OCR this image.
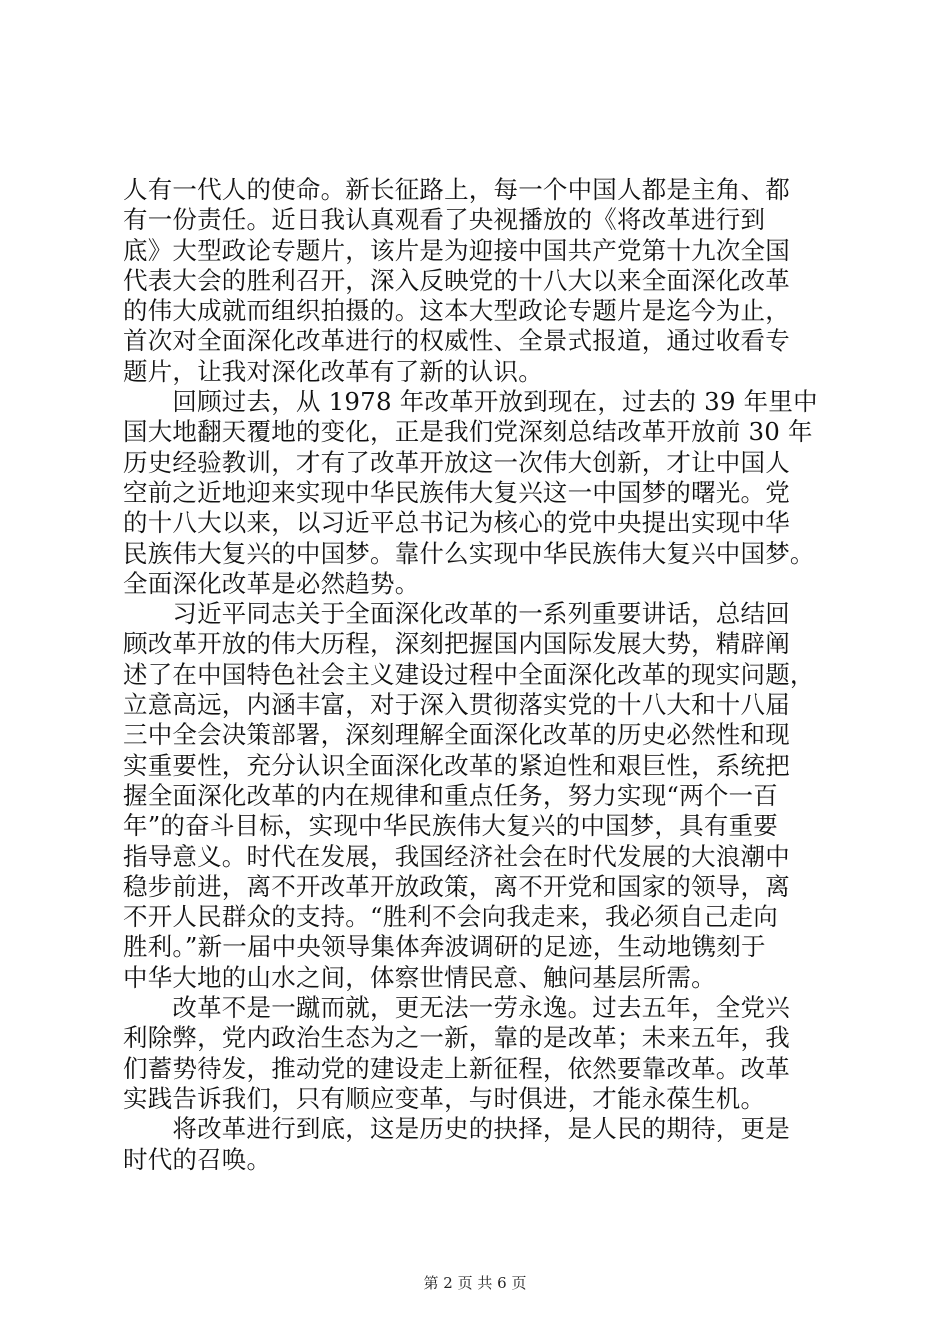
人有一代人的使命。新长征路上，每一个中国人都是主角、都
有一份责任。近日我认真观看了央视播放的《将改革进行到
底》大型政论专题片，该片是为迎接中国共产党第十九次全国
代表大会的胜利召开，深入反映党的十八大以来全面深化改革
的伟大成就而组织拍摄的。这本大型政论专题片是迄今为止，
首次对全面深化改革进行的权威性、全景式报道，通过收看专
题片，让我对深化改革有了新的认识。
　　回顾过去，从 1978 年改革开放到现在，过去的 39 年里中
国大地翻天覆地的变化，正是我们党深刻总结改革开放前 30 年
历史经验教训，才有了改革开放这一次伟大创新，才让中国人
空前之近地迎来实现中华民族伟大复兴这一中国梦的曙光。党
的十八大以来，以习近平总书记为核心的党中央提出实现中华
民族伟大复兴的中国梦。靠什么实现中华民族伟大复兴中国梦。
全面深化改革是必然趋势。
　　习近平同志关于全面深化改革的一系列重要讲话，总结回
顾改革开放的伟大历程，深刻把握国内国际发展大势，精辟阐
述了在中国特色社会主义建设过程中全面深化改革的现实问题，
立意高远，内涵丰富，对于深入贯彻落实党的十八大和十八届
三中全会决策部署，深刻理解全面深化改革的历史必然性和现
实重要性，充分认识全面深化改革的紧迫性和艰巨性，系统把
握全面深化改革的内在规律和重点任务，努力实现“两个一百
年”的奋斗目标，实现中华民族伟大复兴的中国梦，具有重要
指导意义。时代在发展，我国经济社会在时代发展的大浪潮中
稳步前进，离不开改革开放政策，离不开党和国家的领导，离
不开人民群众的支持。“胜利不会向我走来，我必须自己走向
胜利。”新一届中央领导集体奔波调研的足迹，生动地镌刻于
中华大地的山水之间，体察世情民意、触问基层所需。
　　改革不是一蹴而就，更无法一劳永逸。过去五年，全党兴
利除弊，党内政治生态为之一新，靠的是改革；未来五年，我
们蓄势待发，推动党的建设走上新征程，依然要靠改革。改革
实践告诉我们，只有顺应变革，与时俱进，才能永葆生机。
　　将改革进行到底，这是历史的抉择，是人民的期待，更是
时代的召唤。
第 2 页 共 6 页
